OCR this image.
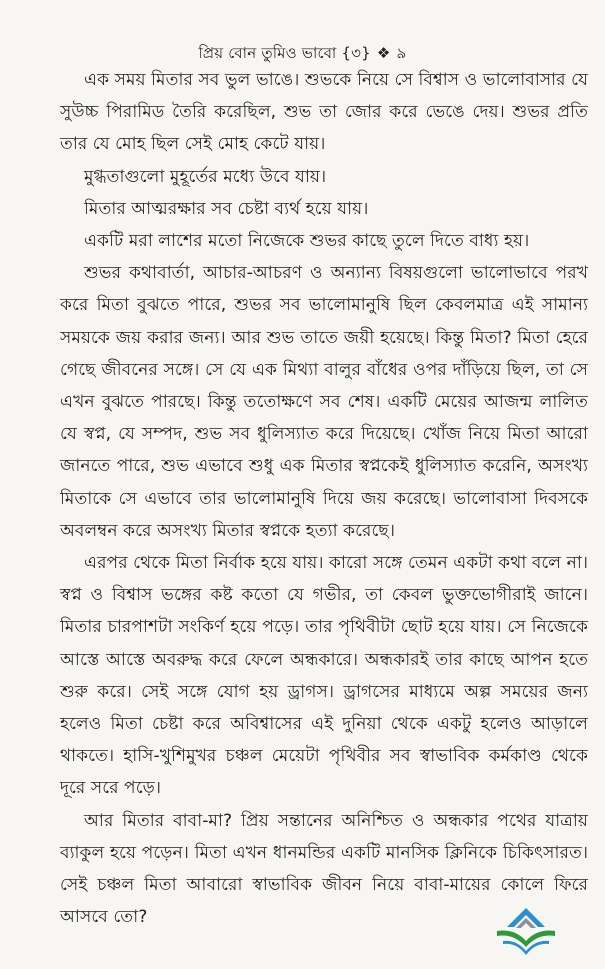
প্রিয় বোন তুমিও ভাবো {৩} ❖ ৯

এক সময় মিতার সব ভুল ভাঙে। শুভকে নিয়ে সে বিশ্বাস ও ভালোবাসার যে সুউচ্চ পিরামিড তৈরি করেছিল, শুভ তা জোর করে ভেঙে দেয়। শুভর প্রতি তার যে মোহ ছিল সেই মোহ কেটে যায়।

মুগ্ধতাগুলো মুহূর্তের মধ্যে উবে যায়।

মিতার আত্মরক্ষার সব চেষ্টা ব্যর্থ হয়ে যায়।

একটি মরা লাশের মতো নিজেকে শুভর কাছে তুলে দিতে বাধ্য হয়।

শুভর কথাবার্তা, আচার-আচরণ ও অন্যান্য বিষয়গুলো ভালোভাবে পরখ করে মিতা বুঝতে পারে, শুভর সব ভালোমানুষি ছিল কেবলমাত্র এই সামান্য সময়কে জয় করার জন্য। আর শুভ তাতে জয়ী হয়েছে। কিন্তু মিতা? মিতা হেরে গেছে জীবনের সঙ্গে। সে যে এক মিথ্যা বালুর বাঁধের ওপর দাঁড়িয়ে ছিল, তা সে এখন বুঝতে পারছে। কিন্তু ততোক্ষণে সব শেষ। একটি মেয়ের আজন্ম লালিত যে স্বপ্ন, যে সম্পদ, শুভ সব ধুলিস্যাত করে দিয়েছে। খোঁজ নিয়ে মিতা আরো জানতে পারে, শুভ এভাবে শুধু এক মিতার স্বপ্নকেই ধুলিস্যাত করেনি, অসংখ্য মিতাকে সে এভাবে তার ভালোমানুষি দিয়ে জয় করেছে। ভালোবাসা দিবসকে অবলম্বন করে অসংখ্য মিতার স্বপ্নকে হত্যা করেছে।

এরপর থেকে মিতা নির্বাক হয়ে যায়। কারো সঙ্গে তেমন একটা কথা বলে না। স্বপ্ন ও বিশ্বাস ভঙ্গের কষ্ট কতো যে গভীর, তা কেবল ভুক্তভোগীরাই জানে। মিতার চারপাশটা সংকির্ণ হয়ে পড়ে। তার পৃথিবীটা ছোট হয়ে যায়। সে নিজেকে আস্তে আস্তে অবরুদ্ধ করে ফেলে অন্ধকারে। অন্ধকারই তার কাছে আপন হতে শুরু করে। সেই সঙ্গে যোগ হয় ড্রাগস। ড্রাগসের মাধ্যমে অল্প সময়ের জন্য হলেও মিতা চেষ্টা করে অবিশ্বাসের এই দুনিয়া থেকে একটু হলেও আড়ালে থাকতে। হাসি-খুশিমুখর চঞ্চল মেয়েটা পৃথিবীর সব স্বাভাবিক কর্মকাণ্ড থেকে দূরে সরে পড়ে।

আর মিতার বাবা-মা? প্রিয় সন্তানের অনিশ্চিত ও অন্ধকার পথের যাত্রায় ব্যাকুল হয়ে পড়েন। মিতা এখন ধানমন্ডির একটি মানসিক ক্লিনিকে চিকিৎসারত। সেই চঞ্চল মিতা আবারো স্বাভাবিক জীবন নিয়ে বাবা-মায়ের কোলে ফিরে আসবে তো?
